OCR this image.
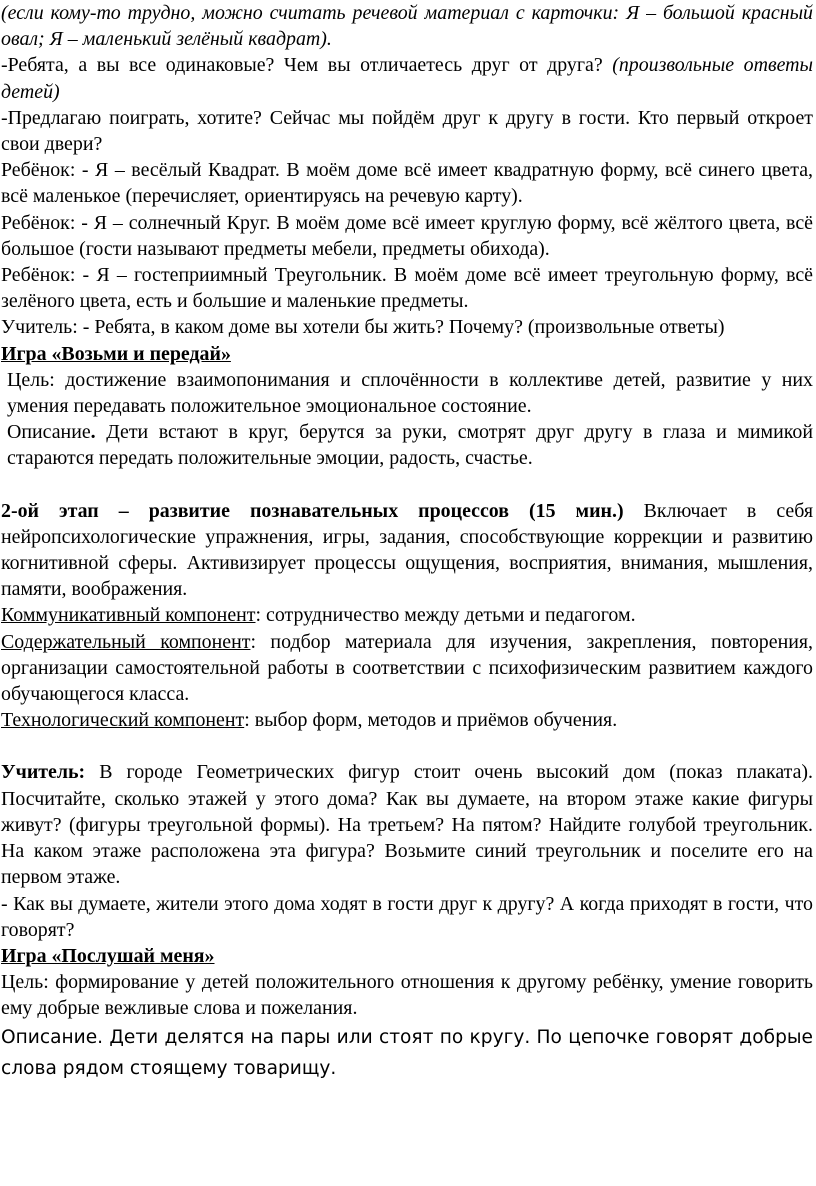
(если кому-то трудно, можно считать речевой материал с карточки: Я – большой красный овал; Я – маленький зелёный квадрат).

-Ребята, а вы все одинаковые? Чем вы отличаетесь друг от друга? (произвольные ответы детей)

-Предлагаю поиграть, хотите? Сейчас мы пойдём друг к другу в гости. Кто первый откроет свои двери?

Ребёнок: - Я – весёлый Квадрат. В моём доме всё имеет квадратную форму, всё синего цвета, всё маленькое (перечисляет, ориентируясь на речевую карту).

Ребёнок: - Я – солнечный Круг. В моём доме всё имеет круглую форму, всё жёлтого цвета, всё большое (гости называют предметы мебели, предметы обихода).

Ребёнок: - Я – гостеприимный Треугольник. В моём доме всё имеет треугольную форму, всё зелёного цвета, есть и большие и маленькие предметы.

Учитель: - Ребята, в каком доме вы хотели бы жить? Почему? (произвольные ответы)

Игра «Возьми и передай»

Цель: достижение взаимопонимания и сплочённости в коллективе детей, развитие у них умения передавать положительное эмоциональное состояние.

Описание. Дети встают в круг, берутся за руки, смотрят друг другу в глаза и мимикой стараются передать положительные эмоции, радость, счастье.

2-ой этап – развитие познавательных процессов (15 мин.) Включает в себя нейропсихологические упражнения, игры, задания, способствующие коррекции и развитию когнитивной сферы. Активизирует процессы ощущения, восприятия, внимания, мышления, памяти, воображения.

Коммуникативный компонент: сотрудничество между детьми и педагогом.

Содержательный компонент: подбор материала для изучения, закрепления, повторения, организации самостоятельной работы в соответствии с психофизическим развитием каждого обучающегося класса.

Технологический компонент: выбор форм, методов и приёмов обучения.

Учитель: В городе Геометрических фигур стоит очень высокий дом (показ плаката). Посчитайте, сколько этажей у этого дома? Как вы думаете, на втором этаже какие фигуры живут? (фигуры треугольной формы). На третьем? На пятом? Найдите голубой треугольник. На каком этаже расположена эта фигура? Возьмите синий треугольник и поселите его на первом этаже.

- Как вы думаете, жители этого дома ходят в гости друг к другу? А когда приходят в гости, что говорят?

Игра «Послушай меня»

Цель: формирование у детей положительного отношения к другому ребёнку, умение говорить ему добрые вежливые слова и пожелания.

Описание. Дети делятся на пары или стоят по кругу. По цепочке говорят добрые слова рядом стоящему товарищу.
